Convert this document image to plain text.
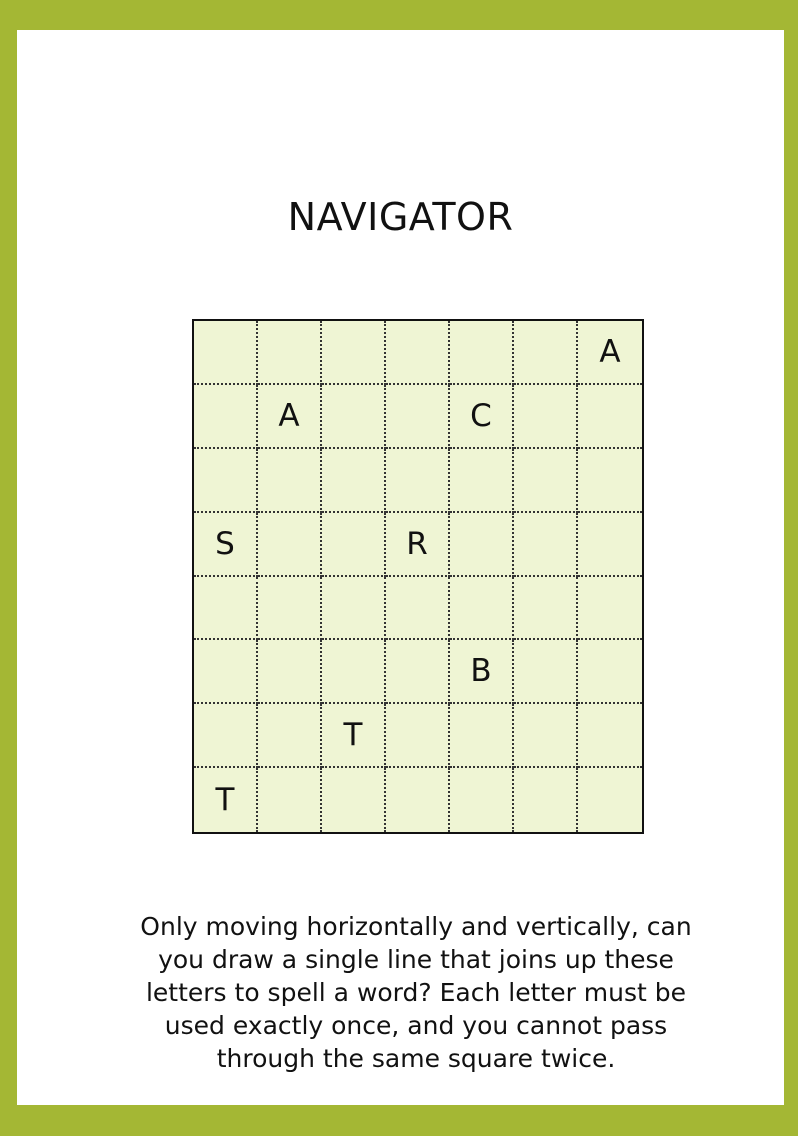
NAVIGATOR
A
A	C
S	R
B
T
T
Only moving horizontally and vertically, can you draw a single line that joins up these letters to spell a word? Each letter must be used exactly once, and you cannot pass through the same square twice.
